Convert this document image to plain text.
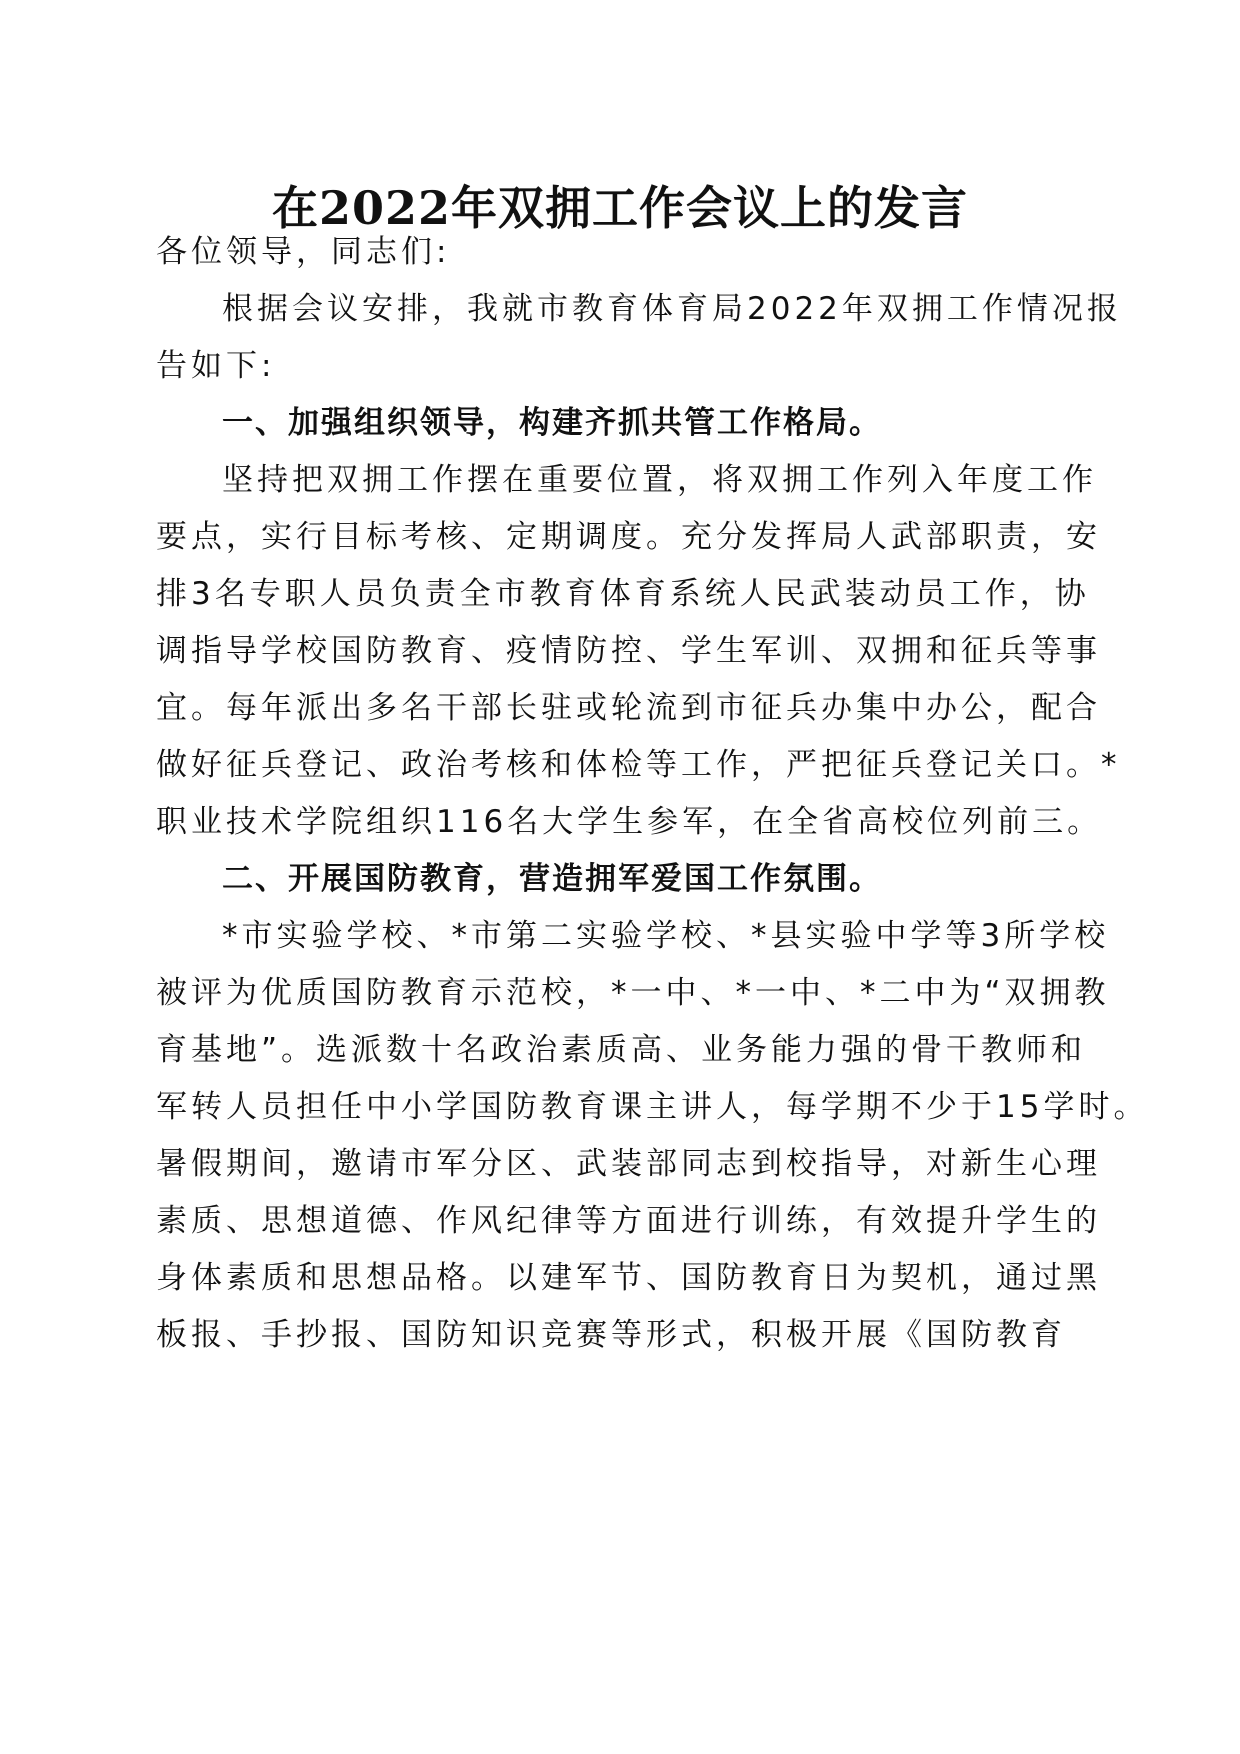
在2022年双拥工作会议上的发言

各位领导，同志们:

根据会议安排，我就市教育体育局2022年双拥工作情况报

告如下:

一、加强组织领导，构建齐抓共管工作格局。

坚持把双拥工作摆在重要位置，将双拥工作列入年度工作

要点，实行目标考核、定期调度。充分发挥局人武部职责，安

排3名专职人员负责全市教育体育系统人民武装动员工作，协

调指导学校国防教育、疫情防控、学生军训、双拥和征兵等事

宜。每年派出多名干部长驻或轮流到市征兵办集中办公，配合

做好征兵登记、政治考核和体检等工作，严把征兵登记关口。*

职业技术学院组织116名大学生参军，在全省高校位列前三。

二、开展国防教育，营造拥军爱国工作氛围。

*市实验学校、*市第二实验学校、*县实验中学等3所学校

被评为优质国防教育示范校，*一中、*一中、*二中为“双拥教

育基地”。选派数十名政治素质高、业务能力强的骨干教师和

军转人员担任中小学国防教育课主讲人，每学期不少于15学时。

暑假期间，邀请市军分区、武装部同志到校指导，对新生心理

素质、思想道德、作风纪律等方面进行训练，有效提升学生的

身体素质和思想品格。以建军节、国防教育日为契机，通过黑

板报、手抄报、国防知识竞赛等形式，积极开展《国防教育
